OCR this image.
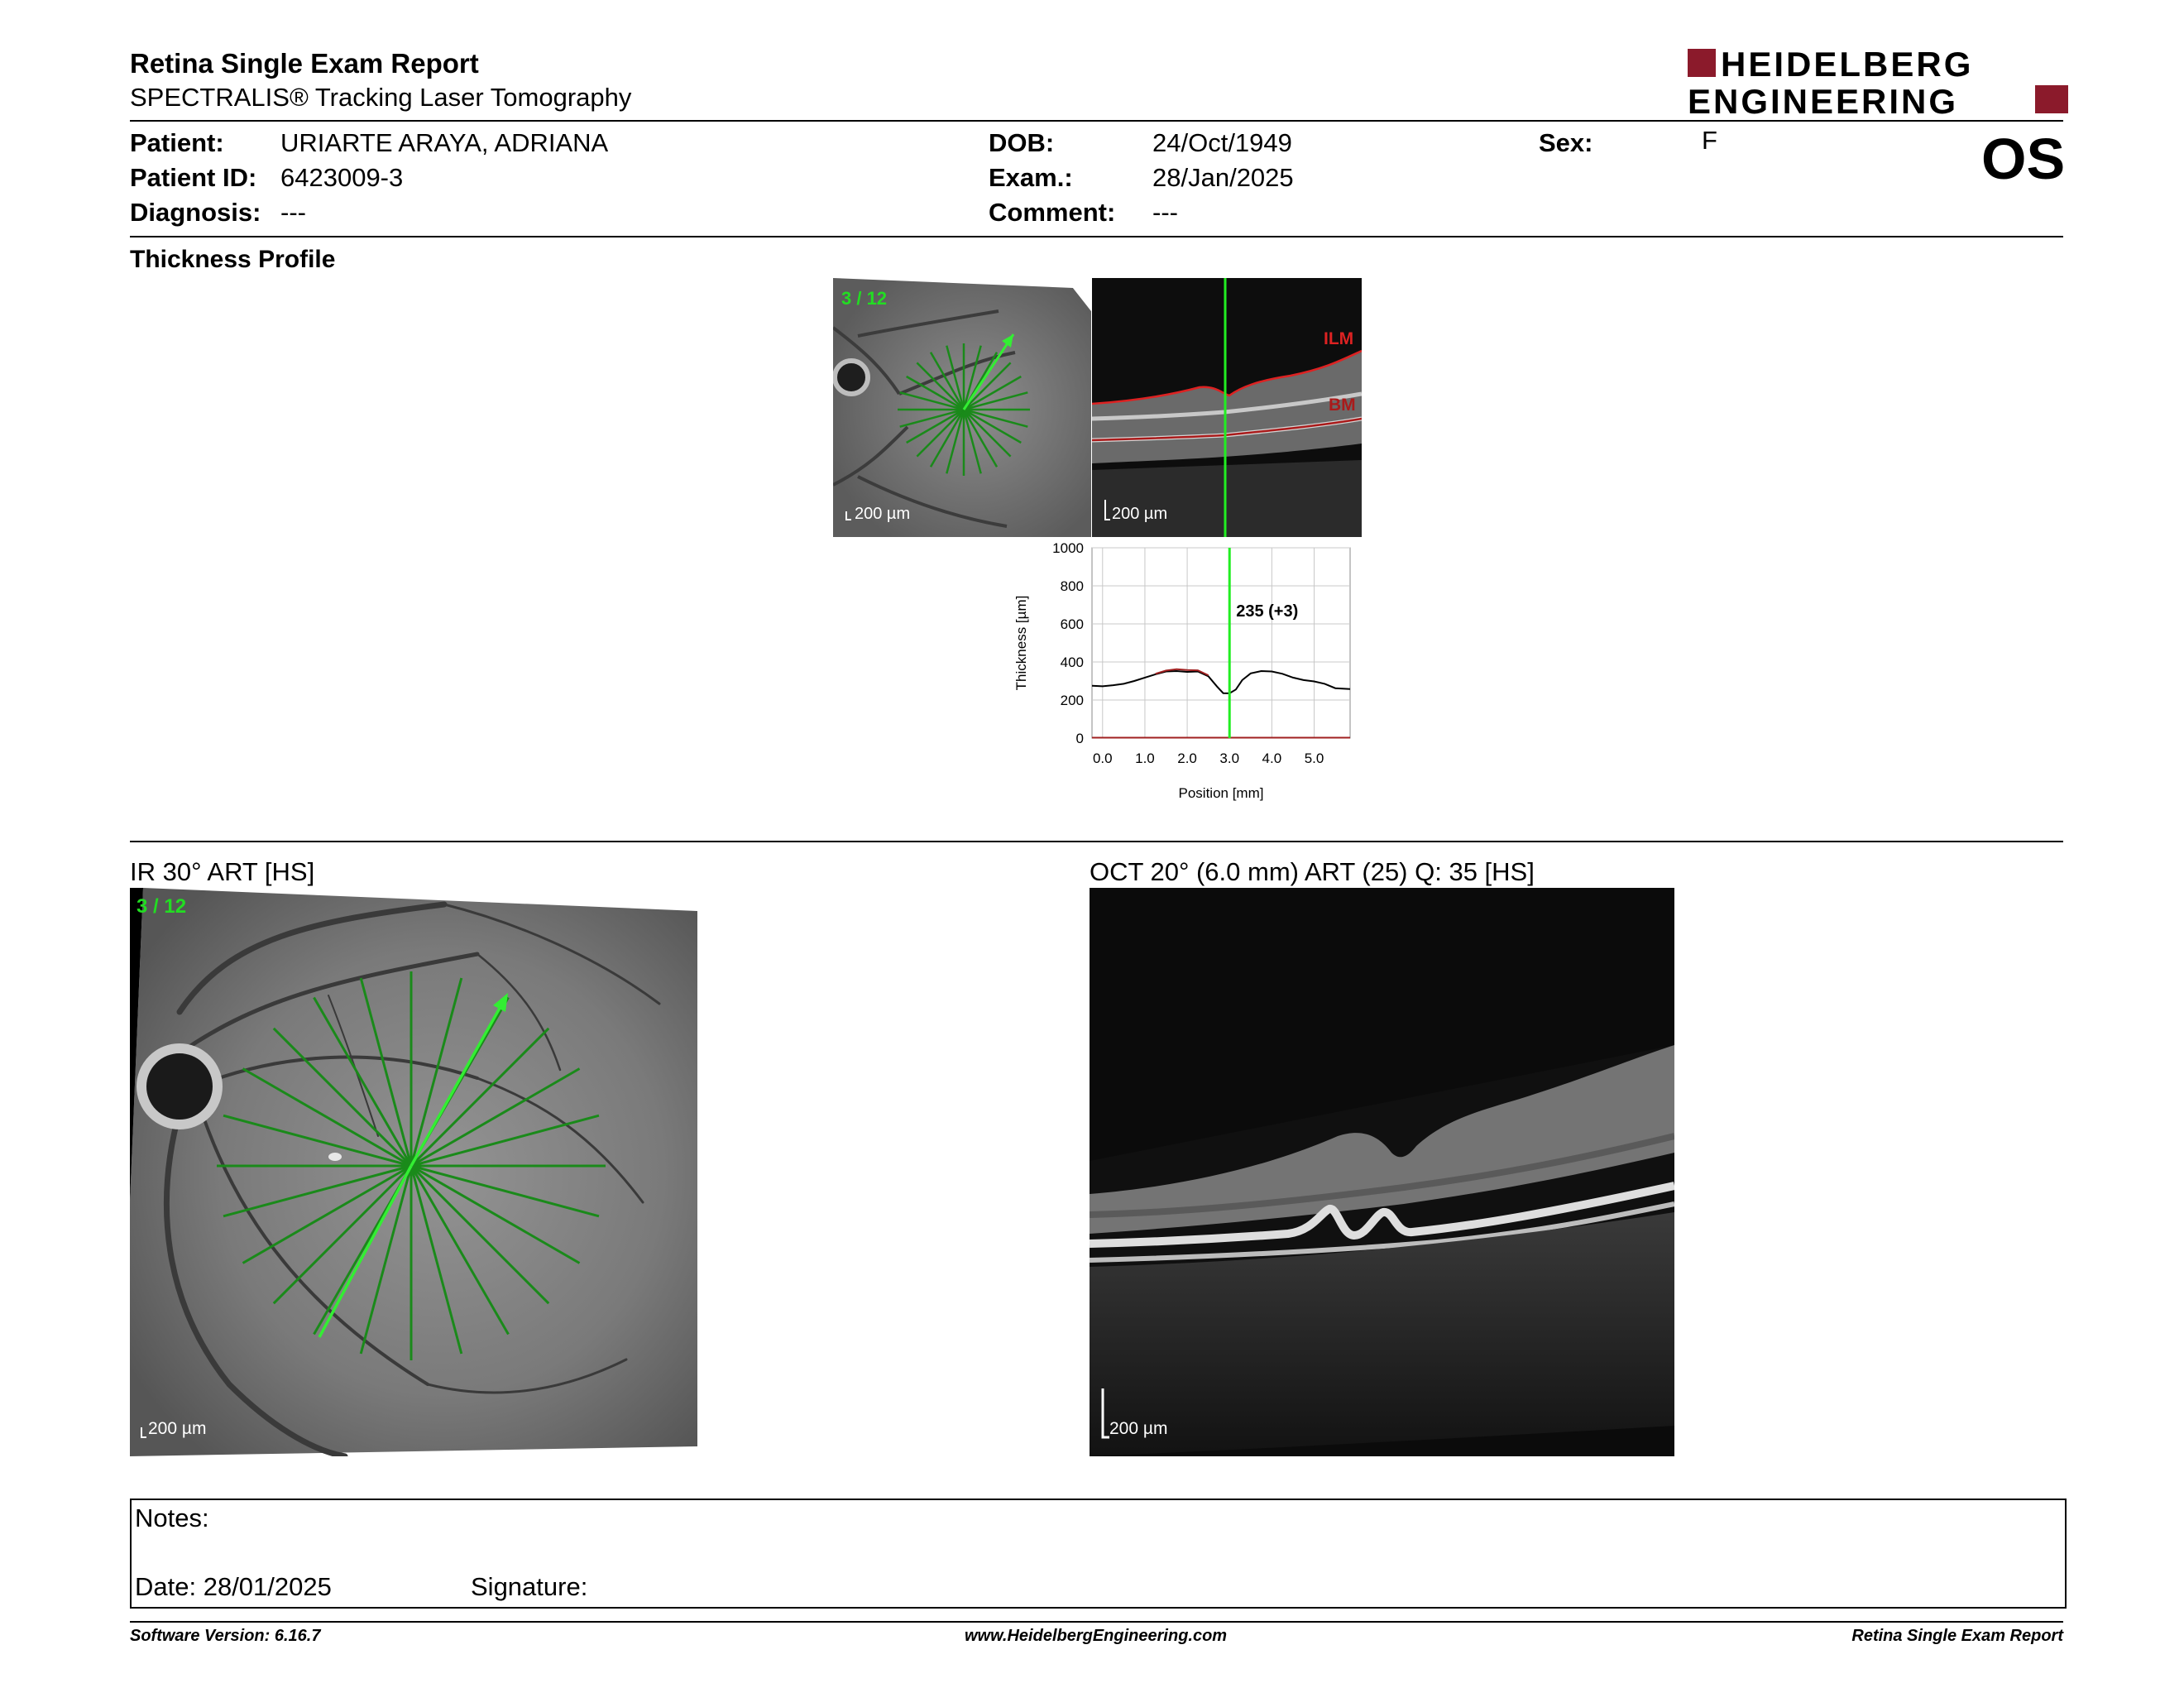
Retina Single Exam Report
SPECTRALIS® Tracking Laser Tomography
HEIDELBERG
ENGINEERING
Patient: URIARTE ARAYA, ADRIANA
Patient ID: 6423009-3
Diagnosis: ---
DOB:	24/Oct/1949
Exam.:	28/Jan/2025
Comment: ---
Sex:	F	OS
Thickness Profile
3 / 12
200 µm
ILM
BM
200 µm
0
200
400
600
800
1000
0.0 1.0 2.0 3.0 4.0 5.0
235 (+3)
Thickness [µm]
Position [mm]
IR 30° ART [HS]	OCT 20° (6.0 mm) ART (25) Q: 35 [HS]
3 / 12
200 µm	200 µm
Notes:
Date: 28/01/2025	Signature:
Software Version: 6.16.7	www.HeidelbergEngineering.com	Retina Single Exam Report
